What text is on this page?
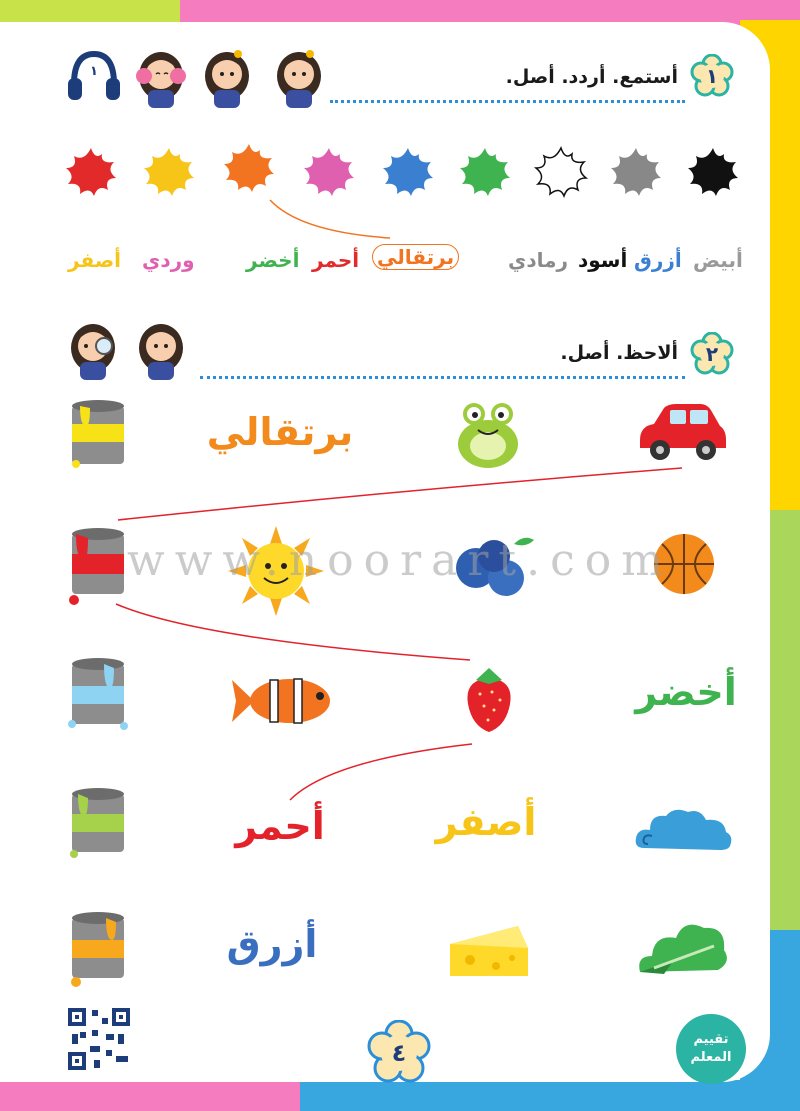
١
أستمع. أردد. أصل.
١
أبيض
أزرق
أسود
رمادي
برتقالي
أحمر
أخضر
وردي
أصفر
٢
ألاحظ. أصل.
برتقالي
www.noorart.com
أخضر
أحمر	أصفر
أزرق
٤	تقييم
المعلم
